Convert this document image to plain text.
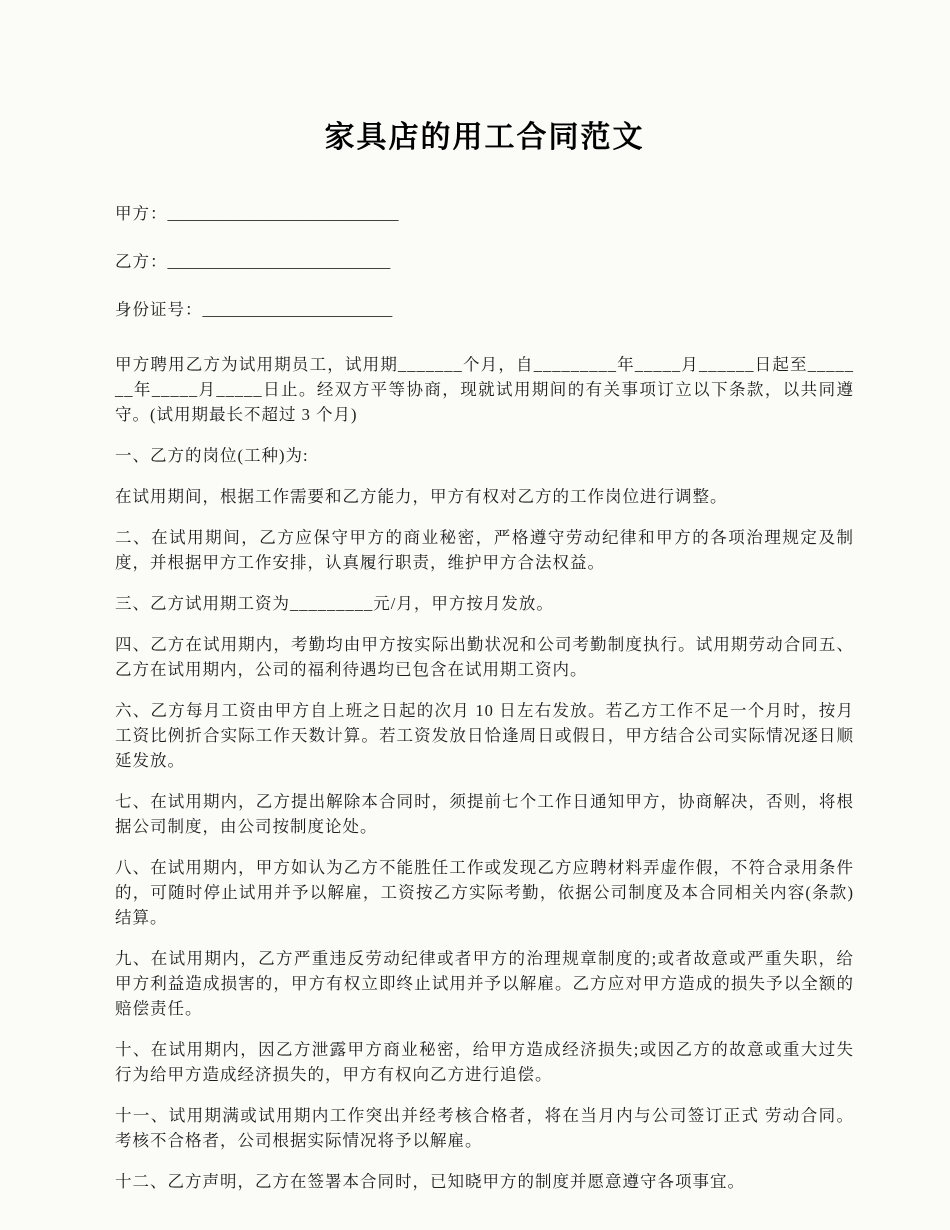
家具店的用工合同范文
甲方：____________________________
乙方：___________________________
身份证号：_______________________

甲方聘用乙方为试用期员工，试用期_______个月，自_________年_____月______日起至_______年_____月_____日止。经双方平等协商，现就试用期间的有关事项订立以下条款，以共同遵守。(试用期最长不超过 3 个月)

一、乙方的岗位(工种)为:

在试用期间，根据工作需要和乙方能力，甲方有权对乙方的工作岗位进行调整。

二、在试用期间，乙方应保守甲方的商业秘密，严格遵守劳动纪律和甲方的各项治理规定及制度，并根据甲方工作安排，认真履行职责，维护甲方合法权益。

三、乙方试用期工资为_________元/月，甲方按月发放。

四、乙方在试用期内，考勤均由甲方按实际出勤状况和公司考勤制度执行。试用期劳动合同五、乙方在试用期内，公司的福利待遇均已包含在试用期工资内。

六、乙方每月工资由甲方自上班之日起的次月 10 日左右发放。若乙方工作不足一个月时，按月工资比例折合实际工作天数计算。若工资发放日恰逢周日或假日，甲方结合公司实际情况逐日顺延发放。

七、在试用期内，乙方提出解除本合同时，须提前七个工作日通知甲方，协商解决，否则，将根据公司制度，由公司按制度论处。

八、在试用期内，甲方如认为乙方不能胜任工作或发现乙方应聘材料弄虚作假，不符合录用条件的，可随时停止试用并予以解雇，工资按乙方实际考勤，依据公司制度及本合同相关内容(条款)结算。

九、在试用期内，乙方严重违反劳动纪律或者甲方的治理规章制度的;或者故意或严重失职，给甲方利益造成损害的，甲方有权立即终止试用并予以解雇。乙方应对甲方造成的损失予以全额的赔偿责任。

十、在试用期内，因乙方泄露甲方商业秘密，给甲方造成经济损失;或因乙方的故意或重大过失行为给甲方造成经济损失的，甲方有权向乙方进行追偿。

十一、试用期满或试用期内工作突出并经考核合格者，将在当月内与公司签订正式 劳动合同。考核不合格者，公司根据实际情况将予以解雇。

十二、乙方声明，乙方在签署本合同时，已知晓甲方的制度并愿意遵守各项事宜。
